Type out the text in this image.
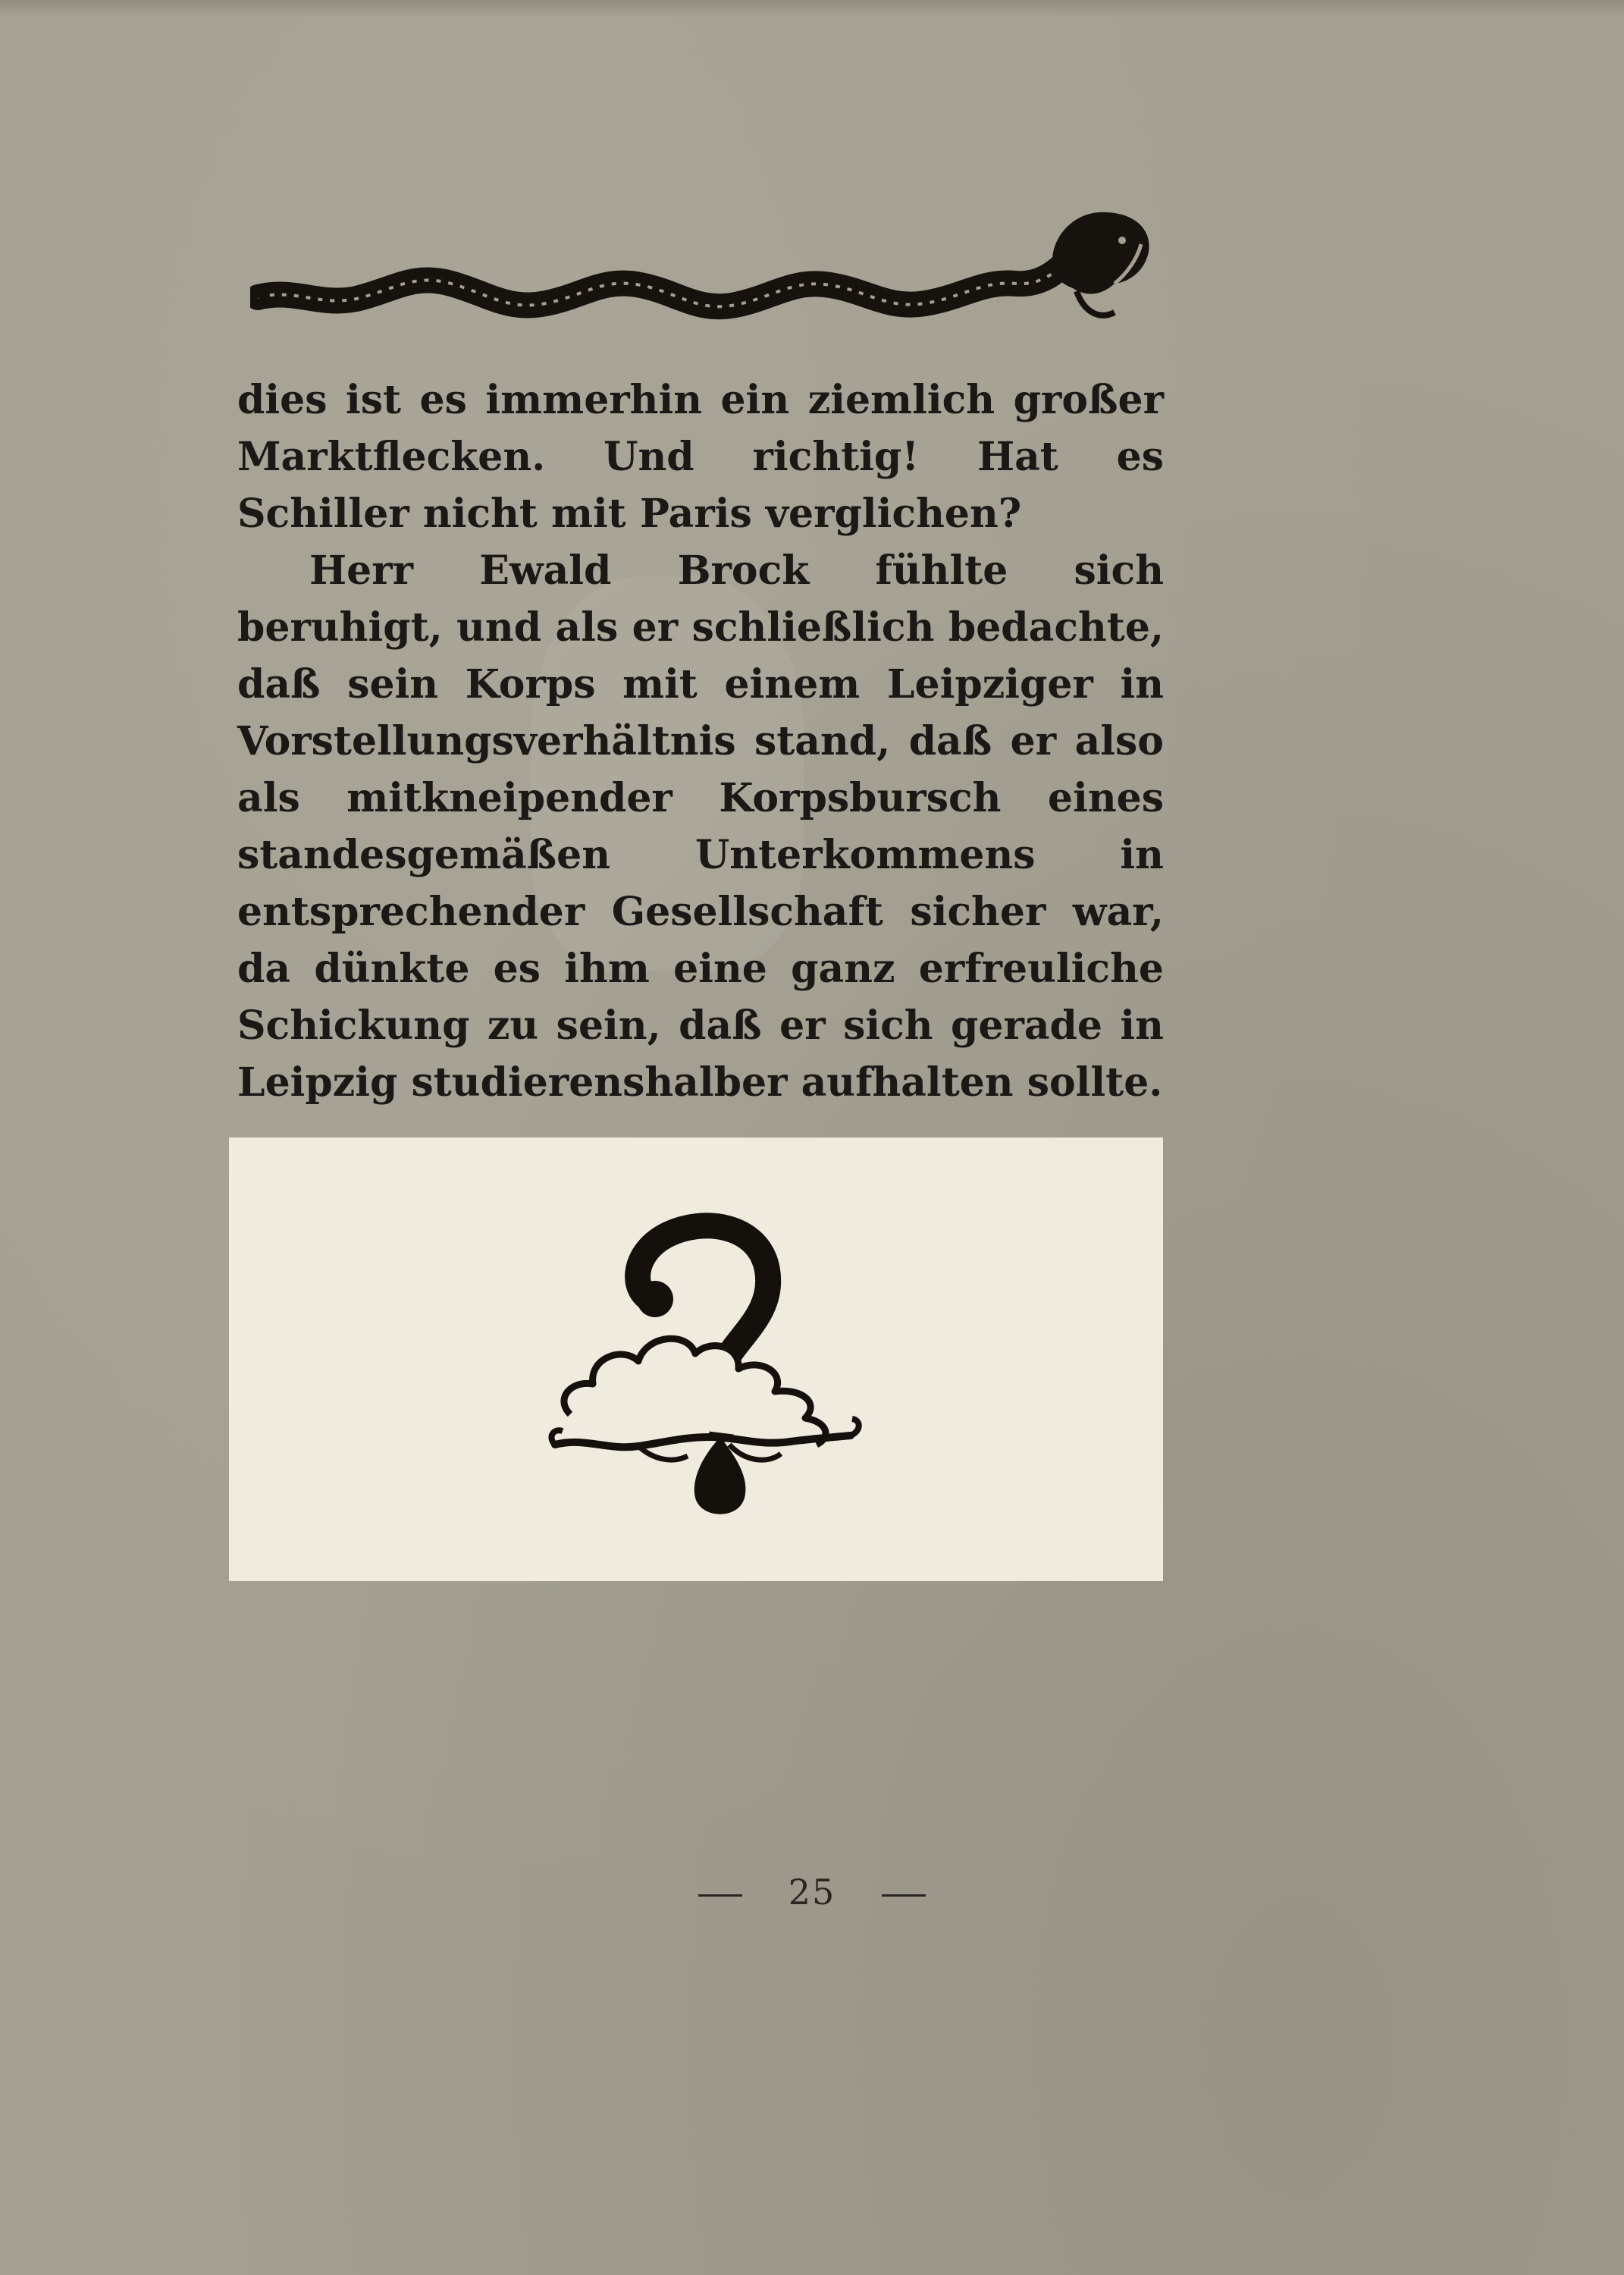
dies ist es immerhin ein ziemlich großer Marktflecken. Und richtig! Hat es Schiller nicht mit Paris verglichen?

Herr Ewald Brock fühlte sich beruhigt, und als er schließlich bedachte, daß sein Korps mit einem Leipziger in Vorstellungsverhältnis stand, daß er also als mitkneipender Korpsbursch eines standesgemäßen Unterkommens in entsprechender Gesellschaft sicher war, da dünkte es ihm eine ganz erfreuliche Schickung zu sein, daß er sich gerade in Leipzig studierenshalber aufhalten sollte.

25
